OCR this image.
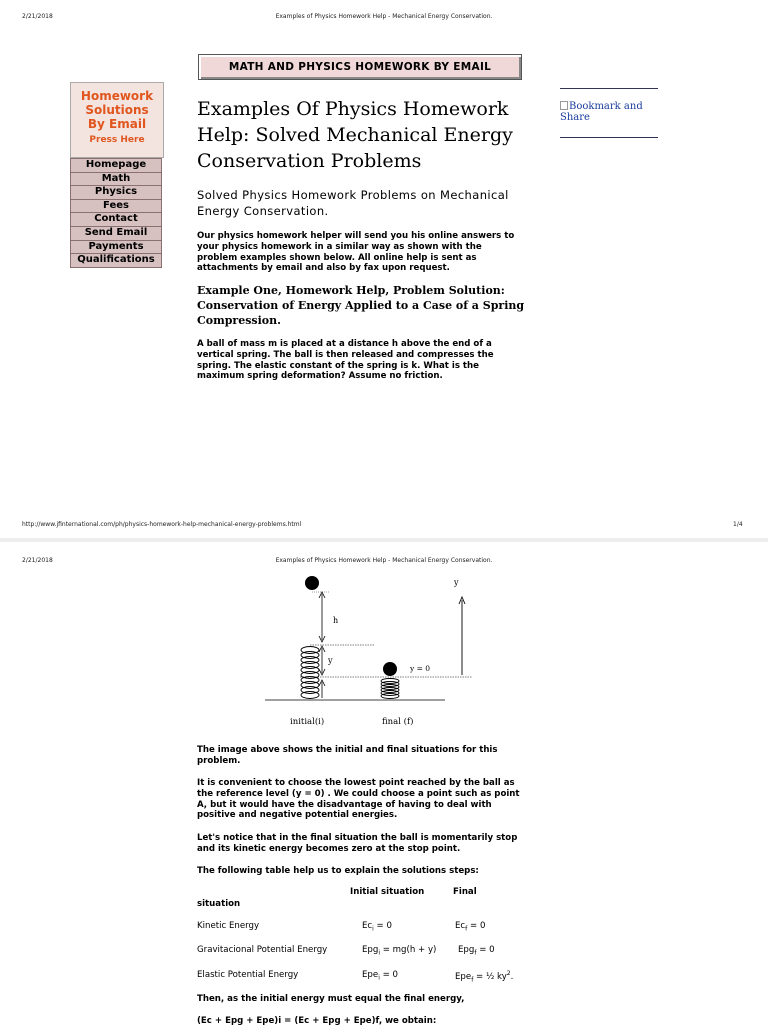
2/21/2018	Examples of Physics Homework Help - Mechanical Energy Conservation.
MATH AND PHYSICS HOMEWORK BY EMAIL
Homework
Solutions
By Email
Press Here
Homepage
Math
Physics
Fees
Contact
Send Email
Payments
Qualifications
Examples Of Physics Homework Help: Solved Mechanical Energy Conservation Problems
Solved Physics Homework Problems on Mechanical Energy Conservation.
Our physics homework helper will send you his online answers to your physics homework in a similar way as shown with the problem examples shown below. All online help is sent as attachments by email and also by fax upon request.
Example One, Homework Help, Problem Solution: Conservation of Energy Applied to a Case of a Spring Compression.
A ball of mass m is placed at a distance h above the end of a vertical spring. The ball is then released and compresses the spring. The elastic constant of the spring is k. What is the maximum spring deformation? Assume no friction.
Bookmark and Share
http://www.jfinternational.com/ph/physics-homework-help-mechanical-energy-problems.html	1/4
2/21/2018	Examples of Physics Homework Help - Mechanical Energy Conservation.
h
y
y
y = 0
initial(i)	final (f)
The image above shows the initial and final situations for this problem.
It is convenient to choose the lowest point reached by the ball as the reference level (y = 0) . We could choose a point such as point A, but it would have the disadvantage of having to deal with positive and negative potential energies.
Let's notice that in the final situation the ball is momentarily stop and its kinetic energy becomes zero at the stop point.
The following table help us to explain the solutions steps:
Initial situation	Final
situation
Kinetic Energy	$Ec_i = 0$	$Ec_f = 0$
Gravitacional Potential Energy	Epg$_i$ = mg(h + y)	Epg$_f$ = 0
Elastic Potential Energy	Epe$_i$ = 0	Epe$_f$ = ½ $ky^2$.
Then, as the initial energy must equal the final energy,
(Ec + Epg + Epe)i = (Ec + Epg + Epe)f, we obtain:
